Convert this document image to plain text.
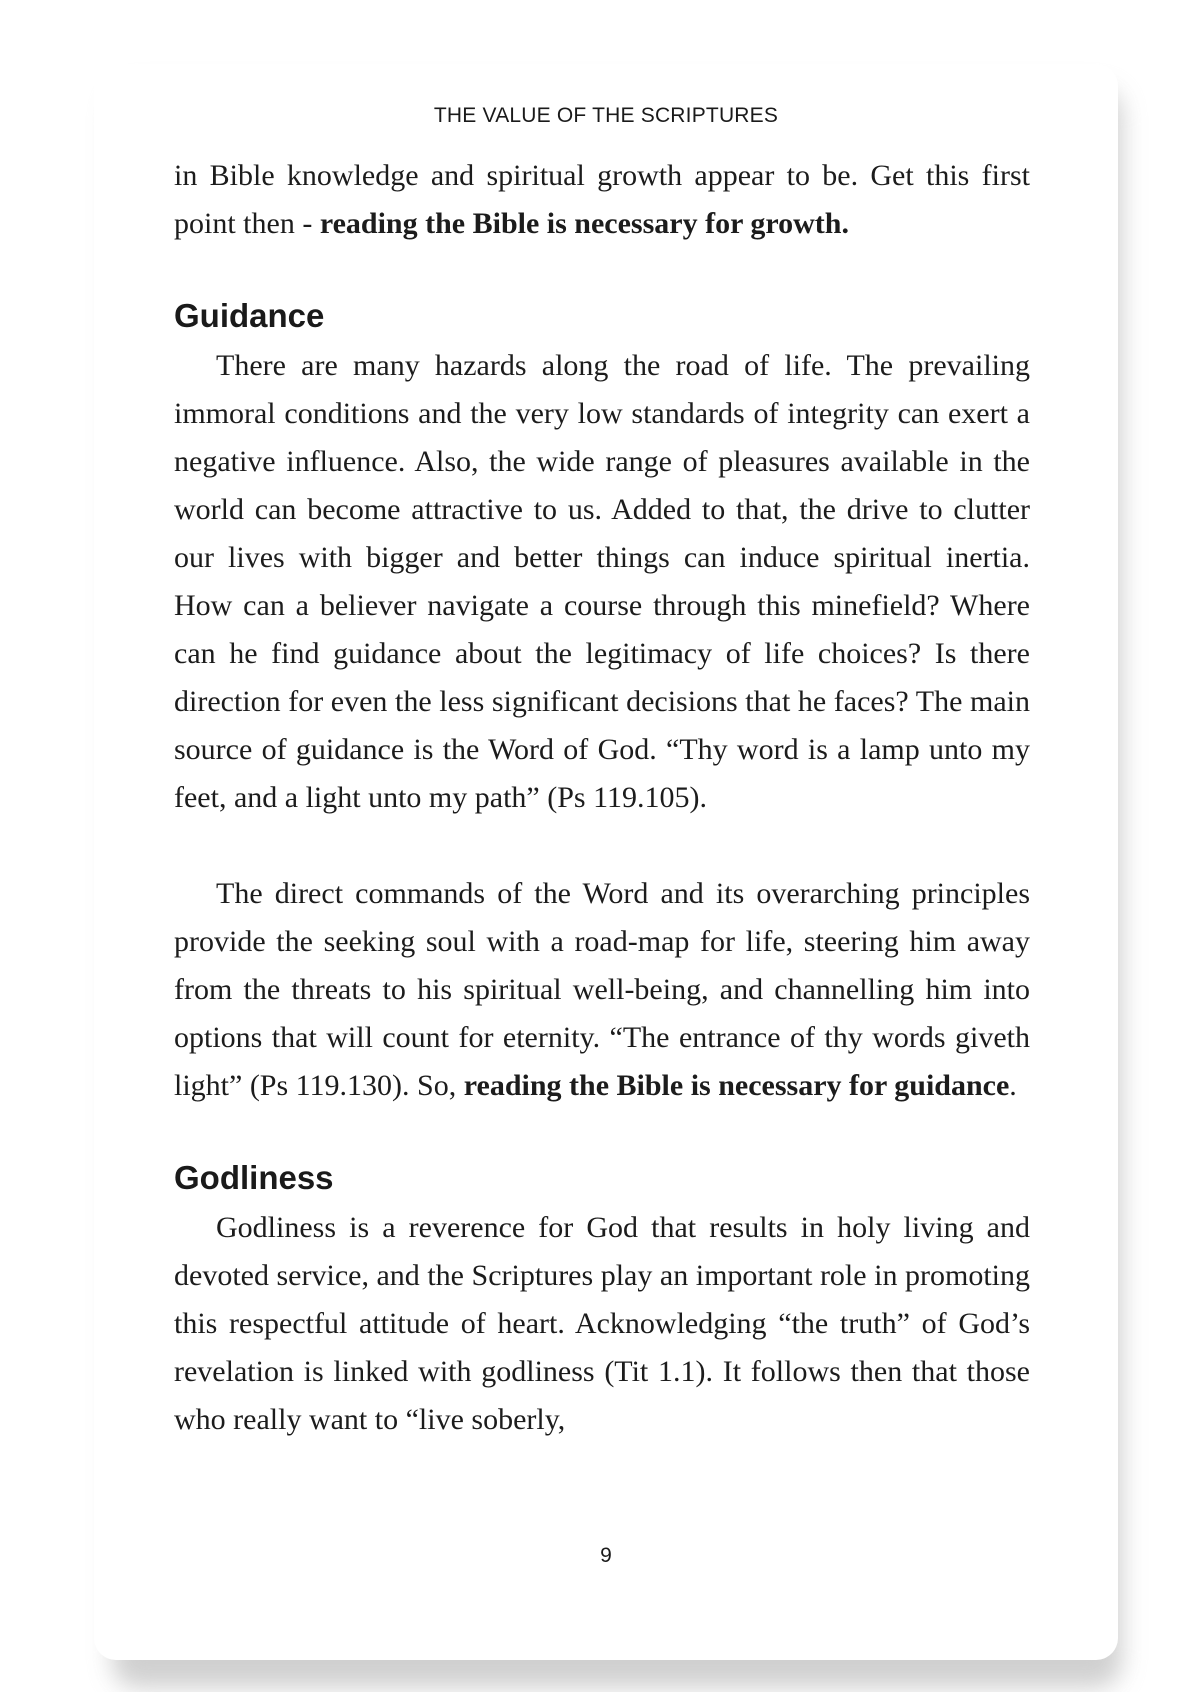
THE VALUE OF THE SCRIPTURES

in Bible knowledge and spiritual growth appear to be. Get this first point then - reading the Bible is necessary for growth.

Guidance

There are many hazards along the road of life. The prevailing immoral conditions and the very low standards of integrity can exert a negative influence. Also, the wide range of pleasures available in the world can become attractive to us. Added to that, the drive to clutter our lives with bigger and better things can induce spiritual inertia. How can a believer navigate a course through this minefield? Where can he find guidance about the legitimacy of life choices? Is there direction for even the less significant decisions that he faces? The main source of guidance is the Word of God. “Thy word is a lamp unto my feet, and a light unto my path” (Ps 119.105).

The direct commands of the Word and its overarching principles provide the seeking soul with a road-map for life, steering him away from the threats to his spiritual well-being, and channelling him into options that will count for eternity. “The entrance of thy words giveth light” (Ps 119.130). So, reading the Bible is necessary for guidance.

Godliness

Godliness is a reverence for God that results in holy living and devoted service, and the Scriptures play an important role in promoting this respectful attitude of heart. Acknowledging “the truth” of God’s revelation is linked with godliness (Tit 1.1). It follows then that those who really want to “live soberly,

9
